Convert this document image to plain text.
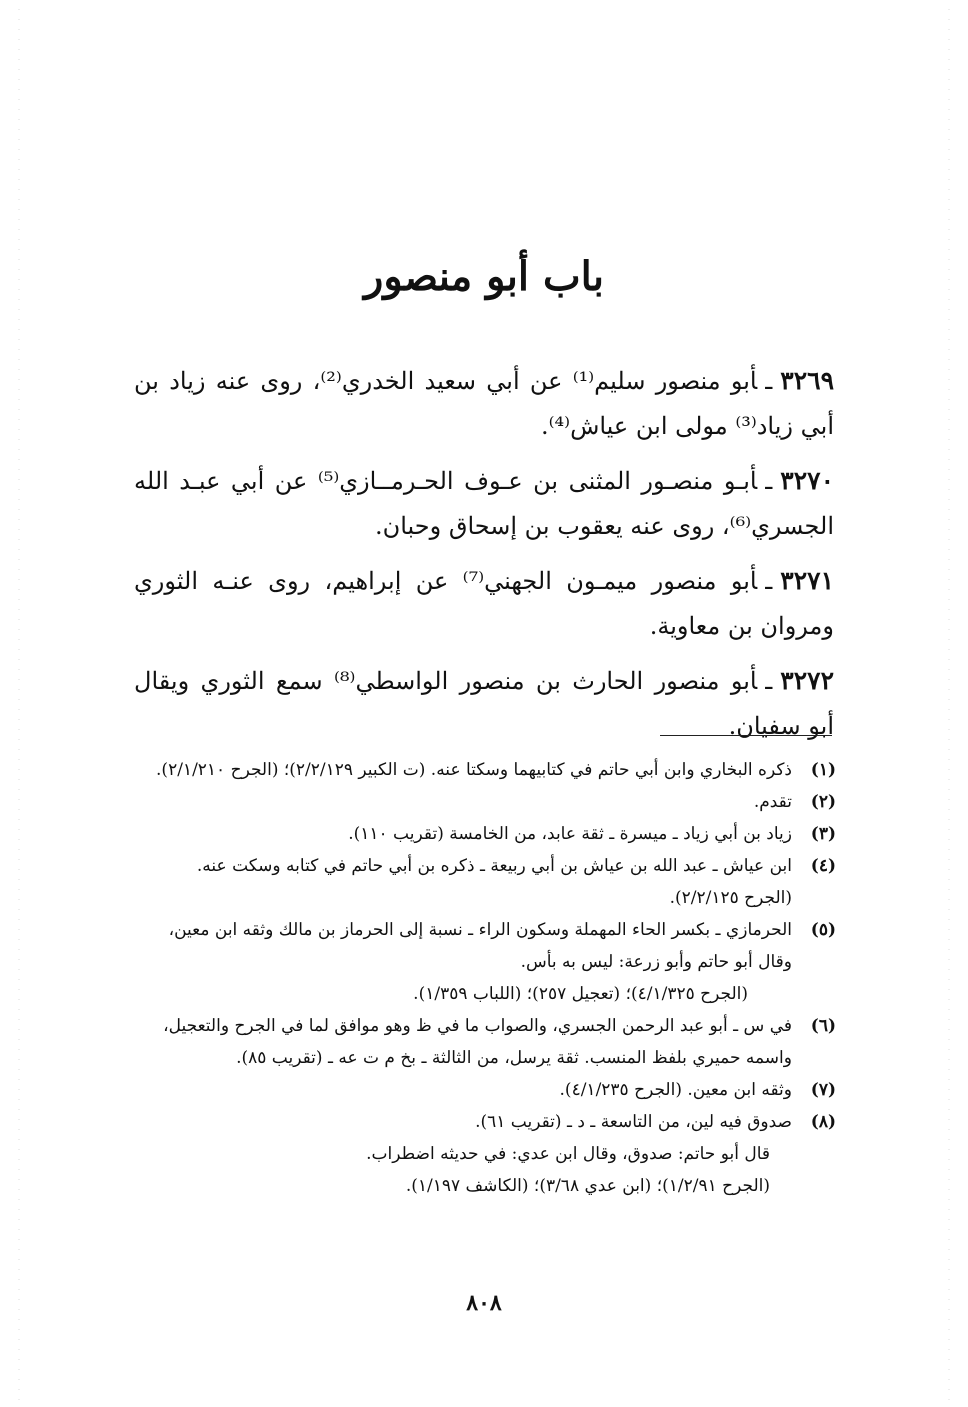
باب أبو منصور
٣٢٦٩ـأبو منصور سليم⁽¹⁾ عن أبي سعيد الخدري⁽²⁾، روى عنه زياد بن أبي زياد⁽³⁾ مولى ابن عياش⁽⁴⁾.
٣٢٧٠ـأبـو منصـور المثنى بن عـوف الحـرمــازي⁽⁵⁾ عن أبي عبـد الله الجسري⁽⁶⁾، روى عنه يعقوب بن إسحاق وحبان.
٣٢٧١ـأبو منصور ميمـون الجهني⁽⁷⁾ عن إبراهيم، روى عنـه الثوري ومروان بن معاوية.
٣٢٧٢ـأبو منصور الحارث بن منصور الواسطي⁽⁸⁾ سمع الثوري ويقال أبو سفيان.
(١)
ذكره البخاري وابن أبي حاتم في كتابيهما وسكتا عنه. (ت الكبير ٢/٢/١٢٩)؛ (الجرح ٢/١/٢١٠).
(٢)
تقدم.
(٣)
زياد بن أبي زياد ـ ميسرة ـ ثقة عابد، من الخامسة (تقريب ١١٠).
(٤)
ابن عياش ـ عبد الله بن عياش بن أبي ربيعة ـ ذكره بن أبي حاتم في كتابه وسكت عنه.
(الجرح ٢/٢/١٢٥).
(٥)
الحرمازي ـ بكسر الحاء المهملة وسكون الراء ـ نسبة إلى الحرماز بن مالك وثقه ابن معين، وقال أبو حاتم وأبو زرعة: ليس به بأس.
(الجرح ٤/١/٣٢٥)؛ (تعجيل ٢٥٧)؛ (اللباب ١/٣٥٩).
(٦)
في س ـ أبو عبد الرحمن الجسري، والصواب ما في ظ وهو موافق لما في الجرح والتعجيل، واسمه حميري بلفظ المنسب. ثقة يرسل، من الثالثة ـ بخ م ت عه ـ (تقريب ٨٥).
(٧)
وثقه ابن معين. (الجرح ٤/١/٢٣٥).
(٨)
صدوق فيه لين، من التاسعة ـ د ـ (تقريب ٦١).
قال أبو حاتم: صدوق، وقال ابن عدي: في حديثه اضطراب.
(الجرح ١/٢/٩١)؛ (ابن عدي ٣/٦٨)؛ (الكاشف ١/١٩٧).
٨٠٨
